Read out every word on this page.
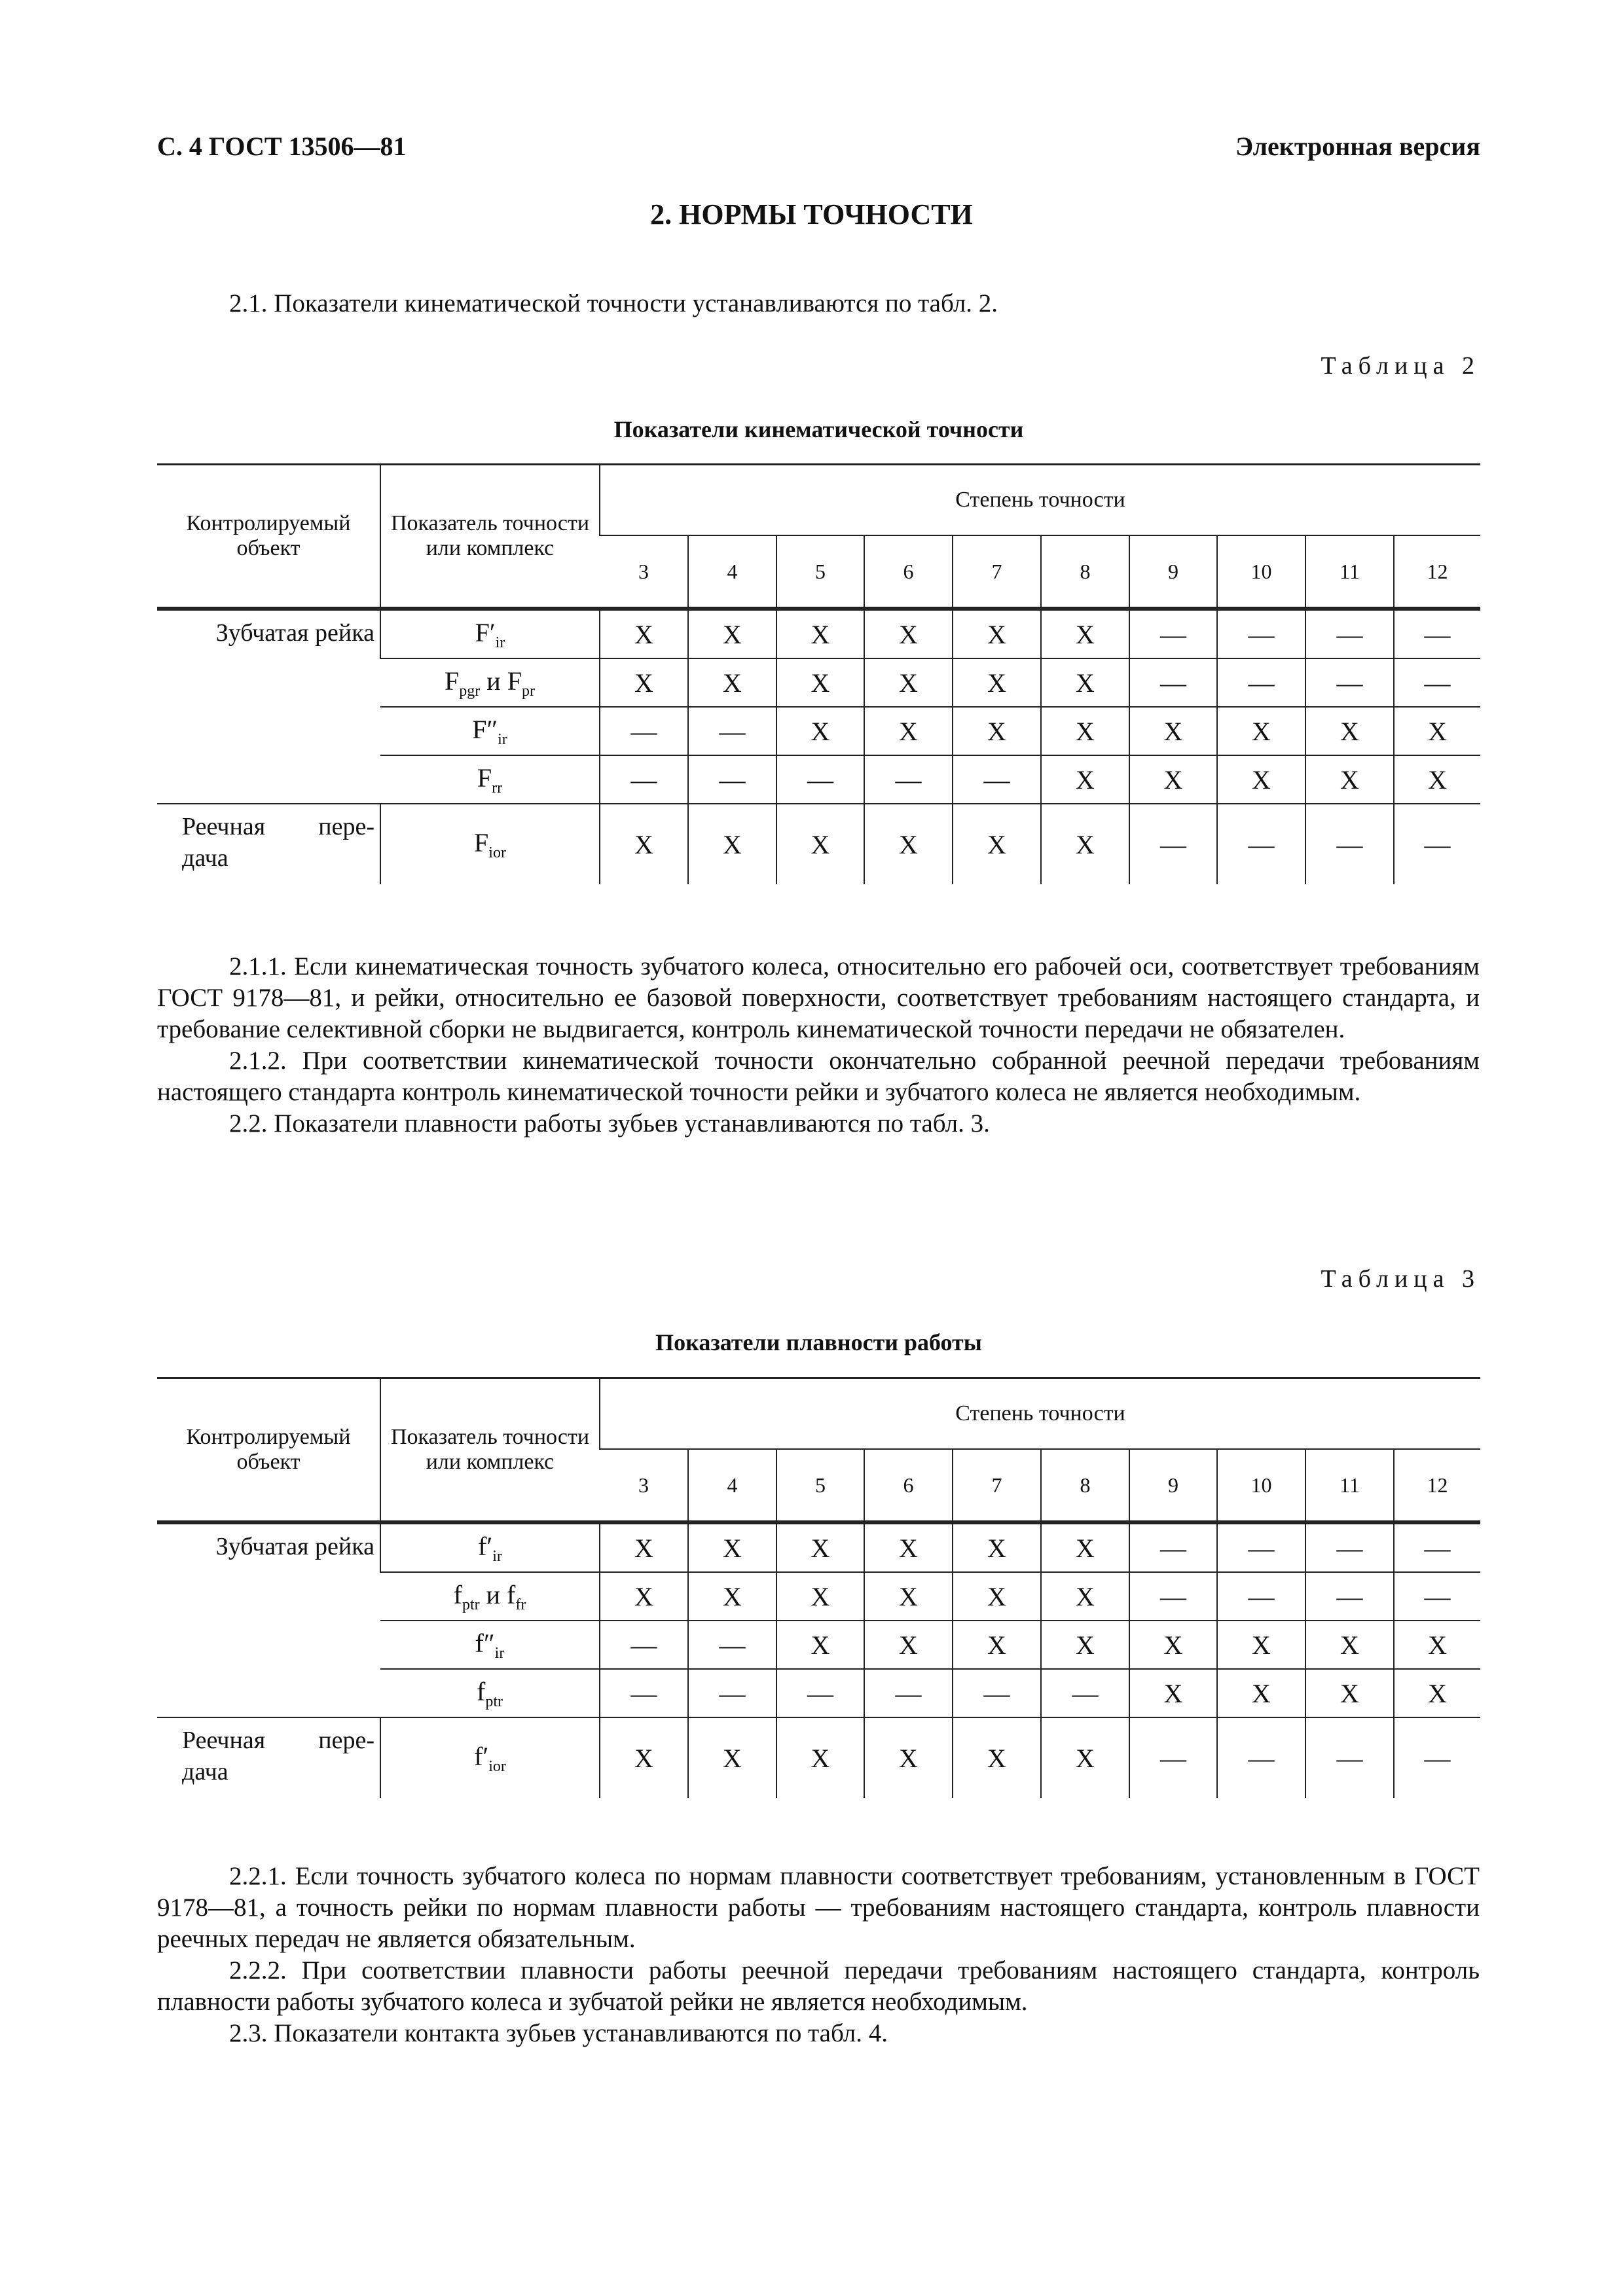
С. 4 ГОСТ 13506—81	Электронная версия
2. НОРМЫ ТОЧНОСТИ

2.1. Показатели кинематической точности устанавливаются по табл. 2.

Таблица 2
Показатели кинематической точности
Контролируемый объект	Показатель точности или комплекс	Степень точности									
		3	4	5	6	7	8	9	10	11	12
Зубчатая рейка	$F'_{ir}$	X	X	X	X	X	X	—	—	—	—
	$F_{pgr}$ и $F_{pr}$	X	X	X	X	X	X	—	—	—	—
	$F''_{ir}$	—	—	X	X	X	X	X	X	X	X
	$F_{rr}$	—	—	—	—	—	X	X	X	X	X

Реечная пере-
дача	$F_{ior}$	X	X	X	X	X	X	—	—	—	—

2.1.1. Если кинематическая точность зубчатого колеса, относительно его рабочей оси, соответствует требованиям ГОСТ 9178—81, и рейки, относительно ее базовой поверхности, соответствует требованиям настоящего стандарта, и требование селективной сборки не выдвигается, контроль кинематической точности передачи не обязателен.

2.1.2. При соответствии кинематической точности окончательно собранной реечной передачи требованиям настоящего стандарта контроль кинематической точности рейки и зубчатого колеса не является необходимым.

2.2. Показатели плавности работы зубьев устанавливаются по табл. 3.

Таблица 3
Показатели плавности работы
Контролируемый объект	Показатель точности или комплекс	Степень точности									
		3	4	5	6	7	8	9	10	11	12
Зубчатая рейка	$f'_{ir}$	X	X	X	X	X	X	—	—	—	—
	$f_{ptr}$ и $f_{fr}$	X	X	X	X	X	X	—	—	—	—
	$f''_{ir}$	—	—	X	X	X	X	X	X	X	X
	$f_{ptr}$	—	—	—	—	—	—	X	X	X	X

Реечная пере-
дача	$f'_{ior}$	X	X	X	X	X	X	—	—	—	—

2.2.1. Если точность зубчатого колеса по нормам плавности соответствует требованиям, установленным в ГОСТ 9178—81, а точность рейки по нормам плавности работы — требованиям настоящего стандарта, контроль плавности реечных передач не является обязательным.

2.2.2. При соответствии плавности работы реечной передачи требованиям настоящего стандарта, контроль плавности работы зубчатого колеса и зубчатой рейки не является необходимым.

2.3. Показатели контакта зубьев устанавливаются по табл. 4.
